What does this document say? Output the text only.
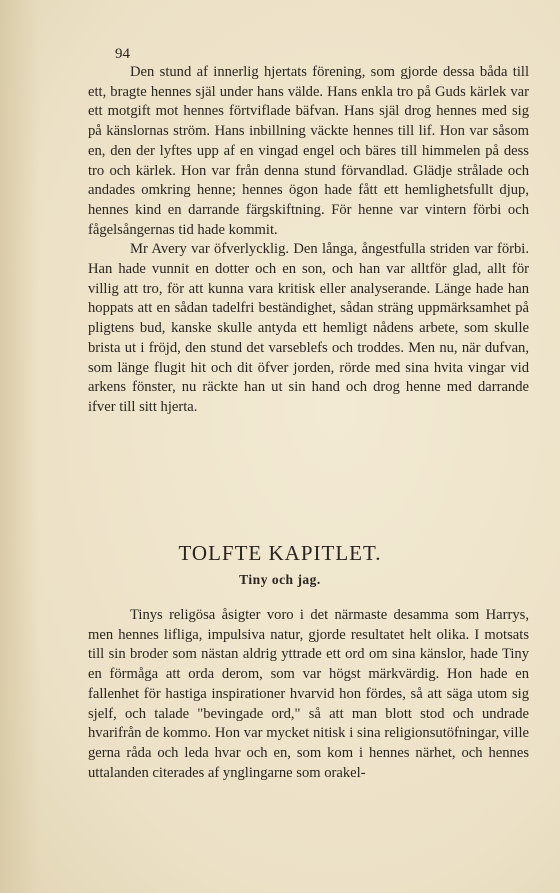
94

Den stund af innerlig hjertats förening, som gjorde dessa båda till ett, bragte hennes själ under hans välde. Hans enkla tro på Guds kärlek var ett motgift mot hennes förtviflade bäfvan. Hans själ drog hennes med sig på känslornas ström. Hans inbillning väckte hennes till lif. Hon var såsom en, den der lyftes upp af en vingad engel och bäres till himmelen på dess tro och kärlek. Hon var från denna stund förvandlad. Glädje strålade och andades omkring henne; hennes ögon hade fått ett hemlighetsfullt djup, hennes kind en darrande färgskiftning. För henne var vintern förbi och fågelsångernas tid hade kommit.

Mr Avery var öfverlycklig. Den långa, ångestfulla striden var förbi. Han hade vunnit en dotter och en son, och han var alltför glad, allt för villig att tro, för att kunna vara kritisk eller analyserande. Länge hade han hoppats att en sådan tadelfri beständighet, sådan sträng uppmärksamhet på pligtens bud, kanske skulle antyda ett hemligt nådens arbete, som skulle brista ut i fröjd, den stund det varseblefs och troddes. Men nu, när dufvan, som länge flugit hit och dit öfver jorden, rörde med sina hvita vingar vid arkens fönster, nu räckte han ut sin hand och drog henne med darrande ifver till sitt hjerta.

TOLFTE KAPITLET.
Tiny och jag.

Tinys religösa åsigter voro i det närmaste desamma som Harrys, men hennes lifliga, impulsiva natur, gjorde resultatet helt olika. I motsats till sin broder som nästan aldrig yttrade ett ord om sina känslor, hade Tiny en förmåga att orda derom, som var högst märkvärdig. Hon hade en fallenhet för hastiga inspirationer hvarvid hon fördes, så att säga utom sig sjelf, och talade "bevingade ord," så att man blott stod och undrade hvarifrån de kommo. Hon var mycket nitisk i sina religionsutöfningar, ville gerna råda och leda hvar och en, som kom i hennes närhet, och hennes uttalanden citerades af ynglingarne som orakel-
